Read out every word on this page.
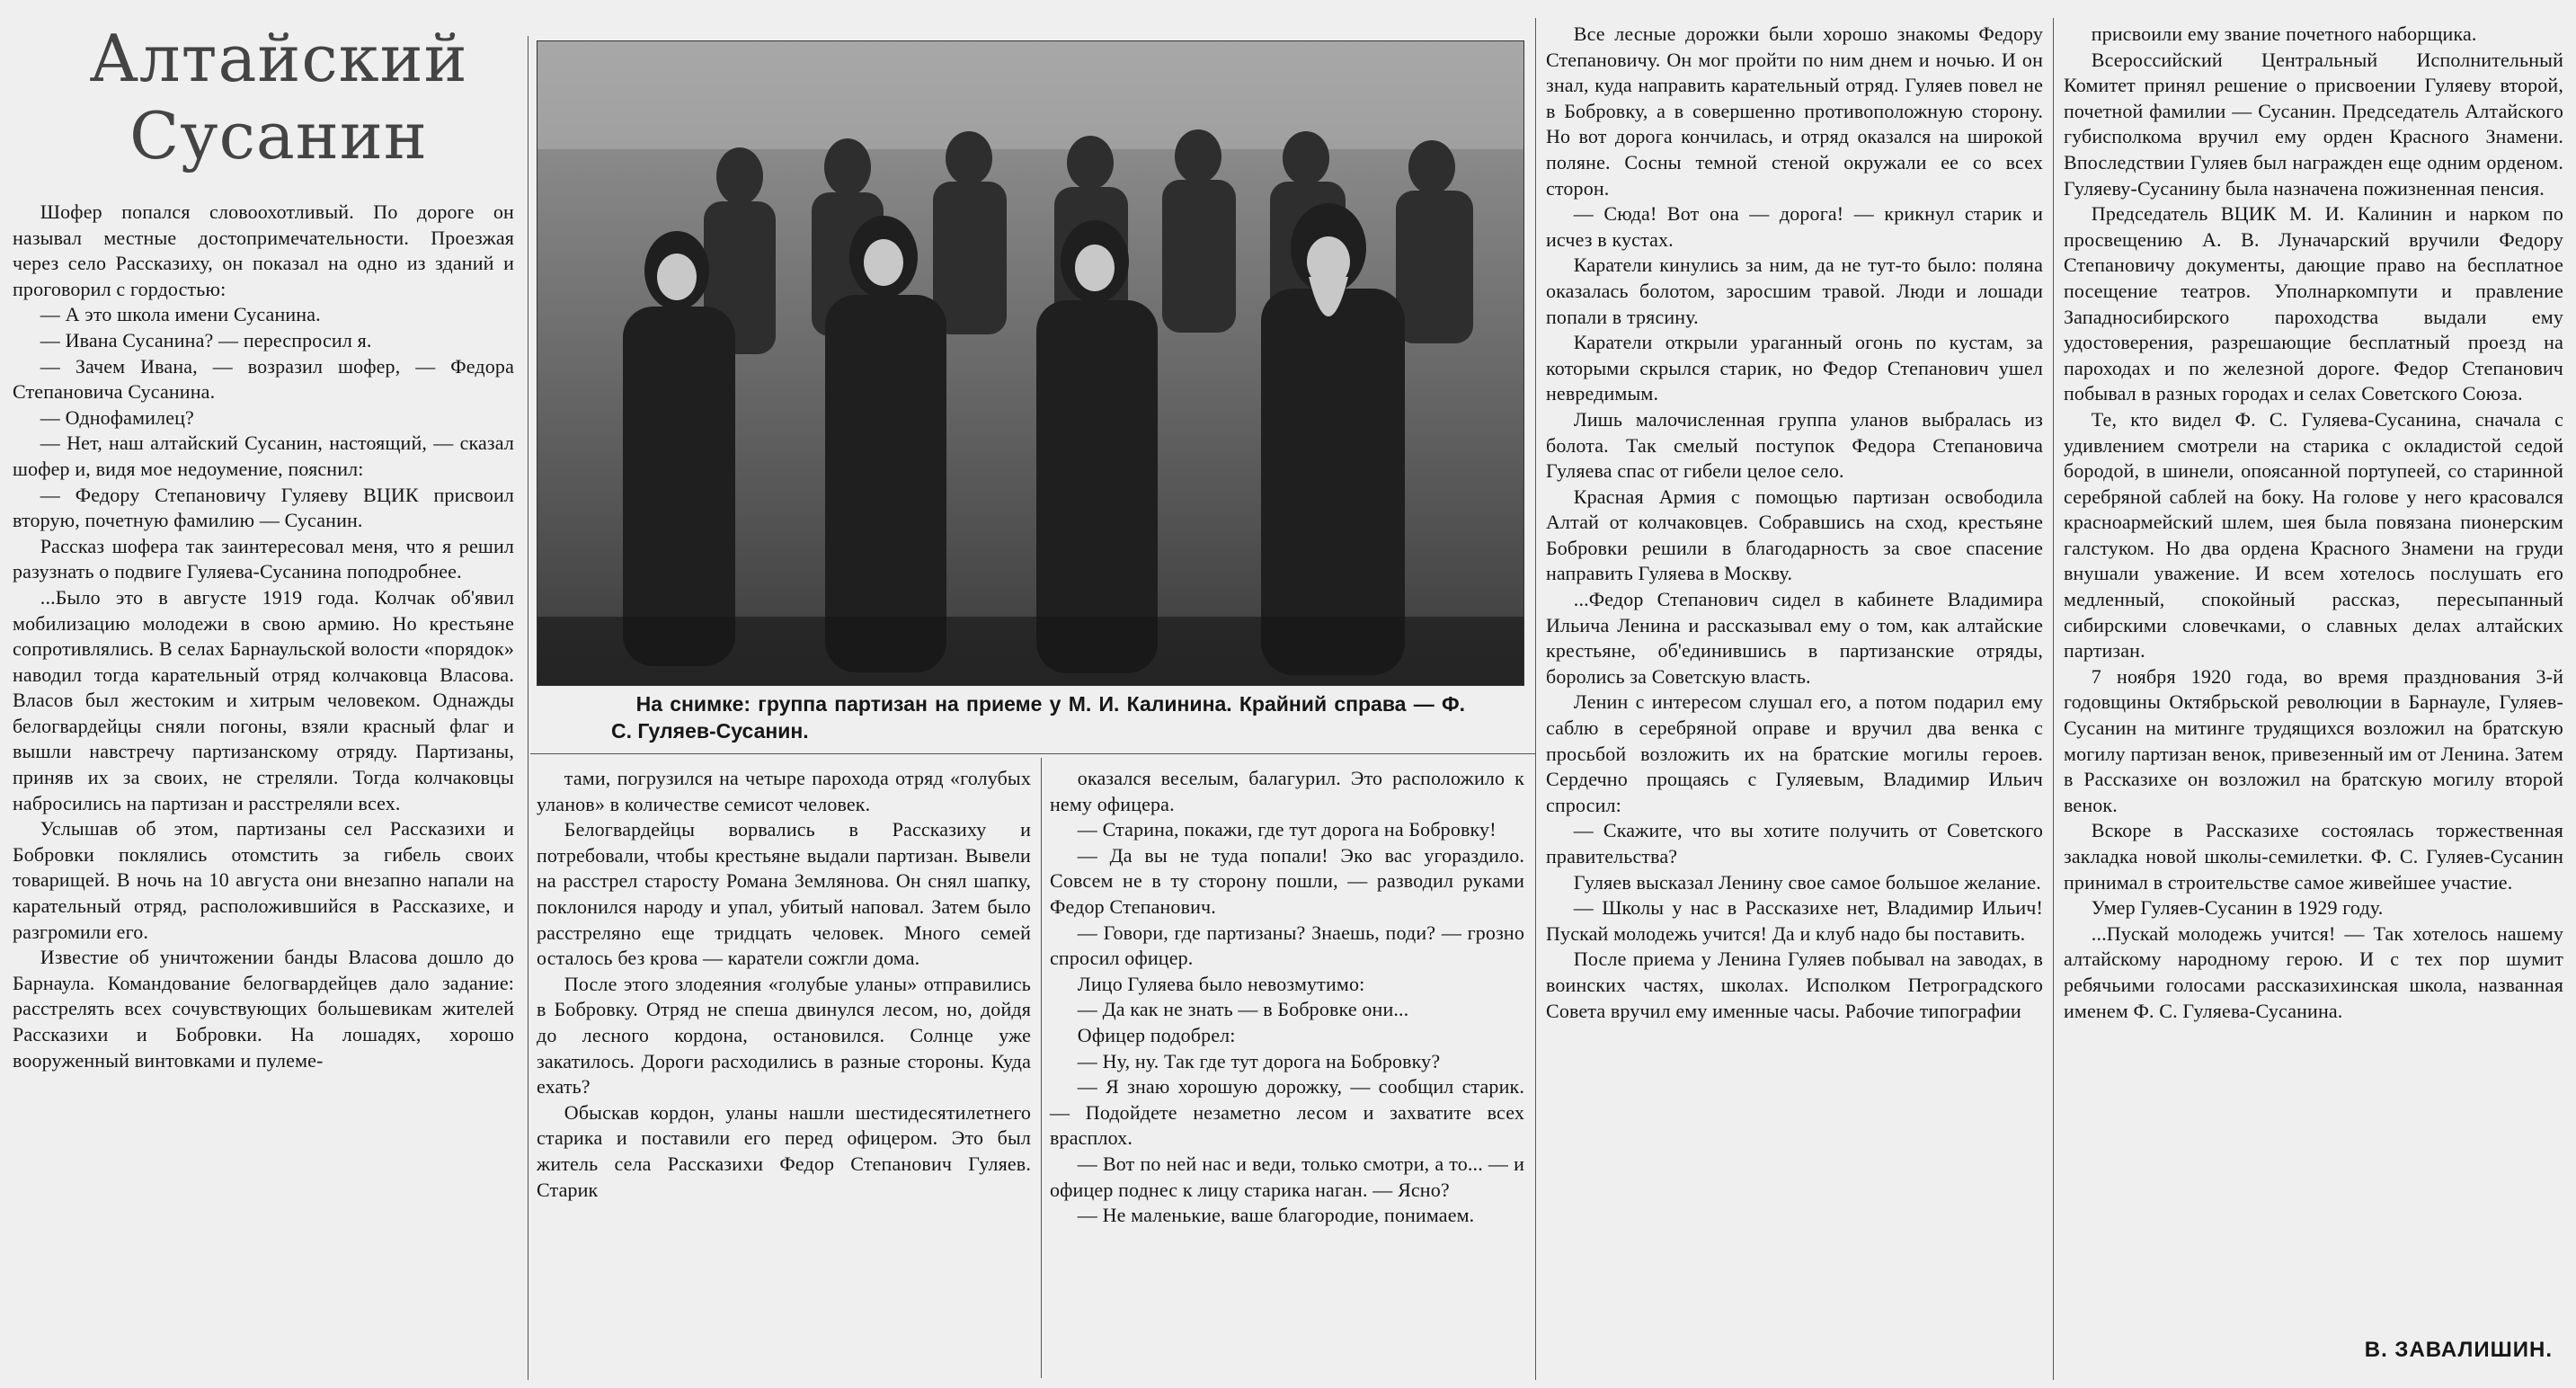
Алтайский
Сусанин

Шофер попался словоохотливый. По дороге он называл местные достопримечательности. Проезжая через село Рассказиху, он показал на одно из зданий и проговорил с гордостью:

— А это школа имени Сусанина.

— Ивана Сусанина? — переспросил я.

— Зачем Ивана, — возразил шофер, — Федора Степановича Сусанина.

— Однофамилец?

— Нет, наш алтайский Сусанин, настоящий, — сказал шофер и, видя мое недоумение, пояснил:

— Федору Степановичу Гуляеву ВЦИК присвоил вторую, почетную фамилию — Сусанин.

Рассказ шофера так заинтересовал меня, что я решил разузнать о подвиге Гуляева-Сусанина поподробнее.

...Было это в августе 1919 года. Колчак об'явил мобилизацию молодежи в свою армию. Но крестьяне сопротивлялись. В селах Барнаульской волости «порядок» наводил тогда карательный отряд колчаковца Власова. Власов был жестоким и хитрым человеком. Однажды белогвардейцы сняли погоны, взяли красный флаг и вышли навстречу партизанскому отряду. Партизаны, приняв их за своих, не стреляли. Тогда колчаковцы набросились на партизан и расстреляли всех.

Услышав об этом, партизаны сел Рассказихи и Бобровки поклялись отомстить за гибель своих товарищей. В ночь на 10 августа они внезапно напали на карательный отряд, расположившийся в Рассказихе, и разгромили его.

Известие об уничтожении банды Власова дошло до Барнаула. Командование белогвардейцев дало задание: расстрелять всех сочувствующих большевикам жителей Рассказихи и Бобровки. На лошадях, хорошо вооруженный винтовками и пулеме-

На снимке: группа партизан на приеме у М. И. Калинина. Крайний справа — Ф. С. Гуляев-Сусанин.

тами, погрузился на четыре парохода отряд «голубых уланов» в количестве семисот человек.

Белогвардейцы ворвались в Рассказиху и потребовали, чтобы крестьяне выдали партизан. Вывели на расстрел старосту Романа Землянова. Он снял шапку, поклонился народу и упал, убитый наповал. Затем было расстреляно еще тридцать человек. Много семей осталось без крова — каратели сожгли дома.

После этого злодеяния «голубые уланы» отправились в Бобровку. Отряд не спеша двинулся лесом, но, дойдя до лесного кордона, остановился. Солнце уже закатилось. Дороги расходились в разные стороны. Куда ехать?

Обыскав кордон, уланы нашли шестидесятилетнего старика и поставили его перед офицером. Это был житель села Рассказихи Федор Степанович Гуляев. Старик

оказался веселым, балагурил. Это расположило к нему офицера.

— Старина, покажи, где тут дорога на Бобровку!

— Да вы не туда попали! Эко вас угораздило. Совсем не в ту сторону пошли, — разводил руками Федор Степанович.

— Говори, где партизаны? Знаешь, поди? — грозно спросил офицер.

Лицо Гуляева было невозмутимо:

— Да как не знать — в Бобровке они...

Офицер подобрел:

— Ну, ну. Так где тут дорога на Бобровку?

— Я знаю хорошую дорожку, — сообщил старик. — Подойдете незаметно лесом и захватите всех врасплох.

— Вот по ней нас и веди, только смотри, а то... — и офицер поднес к лицу старика наган. — Ясно?

— Не маленькие, ваше благородие, понимаем.

Все лесные дорожки были хорошо знакомы Федору Степановичу. Он мог пройти по ним днем и ночью. И он знал, куда направить карательный отряд. Гуляев повел не в Бобровку, а в совершенно противоположную сторону. Но вот дорога кончилась, и отряд оказался на широкой поляне. Сосны темной стеной окружали ее со всех сторон.

— Сюда! Вот она — дорога! — крикнул старик и исчез в кустах.

Каратели кинулись за ним, да не тут-то было: поляна оказалась болотом, заросшим травой. Люди и лошади попали в трясину.

Каратели открыли ураганный огонь по кустам, за которыми скрылся старик, но Федор Степанович ушел невредимым.

Лишь малочисленная группа уланов выбралась из болота. Так смелый поступок Федора Степановича Гуляева спас от гибели целое село.

Красная Армия с помощью партизан освободила Алтай от колчаковцев. Собравшись на сход, крестьяне Бобровки решили в благодарность за свое спасение направить Гуляева в Москву.

...Федор Степанович сидел в кабинете Владимира Ильича Ленина и рассказывал ему о том, как алтайские крестьяне, об'единившись в партизанские отряды, боролись за Советскую власть.

Ленин с интересом слушал его, а потом подарил ему саблю в серебряной оправе и вручил два венка с просьбой возложить их на братские могилы героев. Сердечно прощаясь с Гуляевым, Владимир Ильич спросил:

— Скажите, что вы хотите получить от Советского правительства?

Гуляев высказал Ленину свое самое большое желание.

— Школы у нас в Рассказихе нет, Владимир Ильич! Пускай молодежь учится! Да и клуб надо бы поставить.

После приема у Ленина Гуляев побывал на заводах, в воинских частях, школах. Исполком Петроградского Совета вручил ему именные часы. Рабочие типографии

присвоили ему звание почетного наборщика.

Всероссийский Центральный Исполнительный Комитет принял решение о присвоении Гуляеву второй, почетной фамилии — Сусанин. Председатель Алтайского губисполкома вручил ему орден Красного Знамени. Впоследствии Гуляев был награжден еще одним орденом. Гуляеву-Сусанину была назначена пожизненная пенсия.

Председатель ВЦИК М. И. Калинин и нарком по просвещению А. В. Луначарский вручили Федору Степановичу документы, дающие право на бесплатное посещение театров. Уполнаркомпути и правление Западносибирского пароходства выдали ему удостоверения, разрешающие бесплатный проезд на пароходах и по железной дороге. Федор Степанович побывал в разных городах и селах Советского Союза.

Те, кто видел Ф. С. Гуляева-Сусанина, сначала с удивлением смотрели на старика с окладистой седой бородой, в шинели, опоясанной портупеей, со старинной серебряной саблей на боку. На голове у него красовался красноармейский шлем, шея была повязана пионерским галстуком. Но два ордена Красного Знамени на груди внушали уважение. И всем хотелось послушать его медленный, спокойный рассказ, пересыпанный сибирскими словечками, о славных делах алтайских партизан.

7 ноября 1920 года, во время празднования 3-й годовщины Октябрьской революции в Барнауле, Гуляев-Сусанин на митинге трудящихся возложил на братскую могилу партизан венок, привезенный им от Ленина. Затем в Рассказихе он возложил на братскую могилу второй венок.

Вскоре в Рассказихе состоялась торжественная закладка новой школы-семилетки. Ф. С. Гуляев-Сусанин принимал в строительстве самое живейшее участие.

Умер Гуляев-Сусанин в 1929 году.

...Пускай молодежь учится! — Так хотелось нашему алтайскому народному герою. И с тех пор шумит ребячьими голосами рассказихинская школа, названная именем Ф. С. Гуляева-Сусанина.

В. ЗАВАЛИШИН.
